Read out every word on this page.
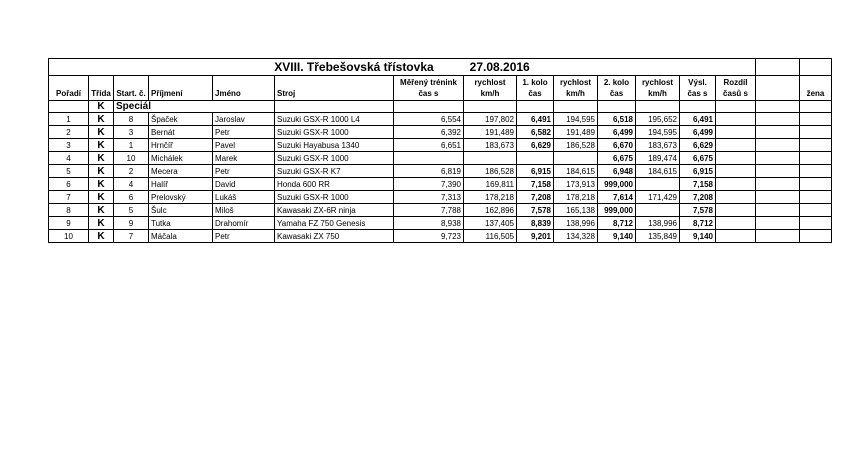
XVIII. Třebešovská třístovka 27.08.2016															
						Měřený trénink	rychlost	1. kolo	rychlost	2. kolo	rychlost	Výsl.	Rozdíl		
Pořadí	Třída	Start. č.	Příjmení	Jméno	Stroj	čas s	km/h	čas	km/h	čas	km/h	čas s	časů s		žena
	K	Speciál													
1	K	8	Špaček	Jaroslav	Suzuki GSX-R 1000 L4	6,554	197,802	6,491	194,595	6,518	195,652	6,491			
2	K	3	Bernát	Petr	Suzuki GSX-R 1000	6,392	191,489	6,582	191,489	6,499	194,595	6,499			
3	K	1	Hrnčíř	Pavel	Suzuki Hayabusa 1340	6,651	183,673	6,629	186,528	6,670	183,673	6,629			
4	K	10	Michálek	Marek	Suzuki GSX-R 1000					6,675	189,474	6,675			
5	K	2	Mecera	Petr	Suzuki GSX-R K7	6,819	186,528	6,915	184,615	6,948	184,615	6,915			
6	K	4	Halíř	David	Honda 600 RR	7,390	169,811	7,158	173,913	999,000		7,158			
7	K	6	Prelovský	Lukáš	Suzuki GSX-R 1000	7,313	178,218	7,208	178,218	7,614	171,429	7,208			
8	K	5	Šulc	Miloš	Kawasaki ZX-6R ninja	7,788	162,896	7,578	165,138	999,000		7,578			
9	K	9	Tutka	Drahomír	Yamaha FZ 750 Genesis	8,938	137,405	8,839	138,996	8,712	138,996	8,712			
10	K	7	Máčala	Petr	Kawasaki ZX 750	9,723	116,505	9,201	134,328	9,140	135,849	9,140			
